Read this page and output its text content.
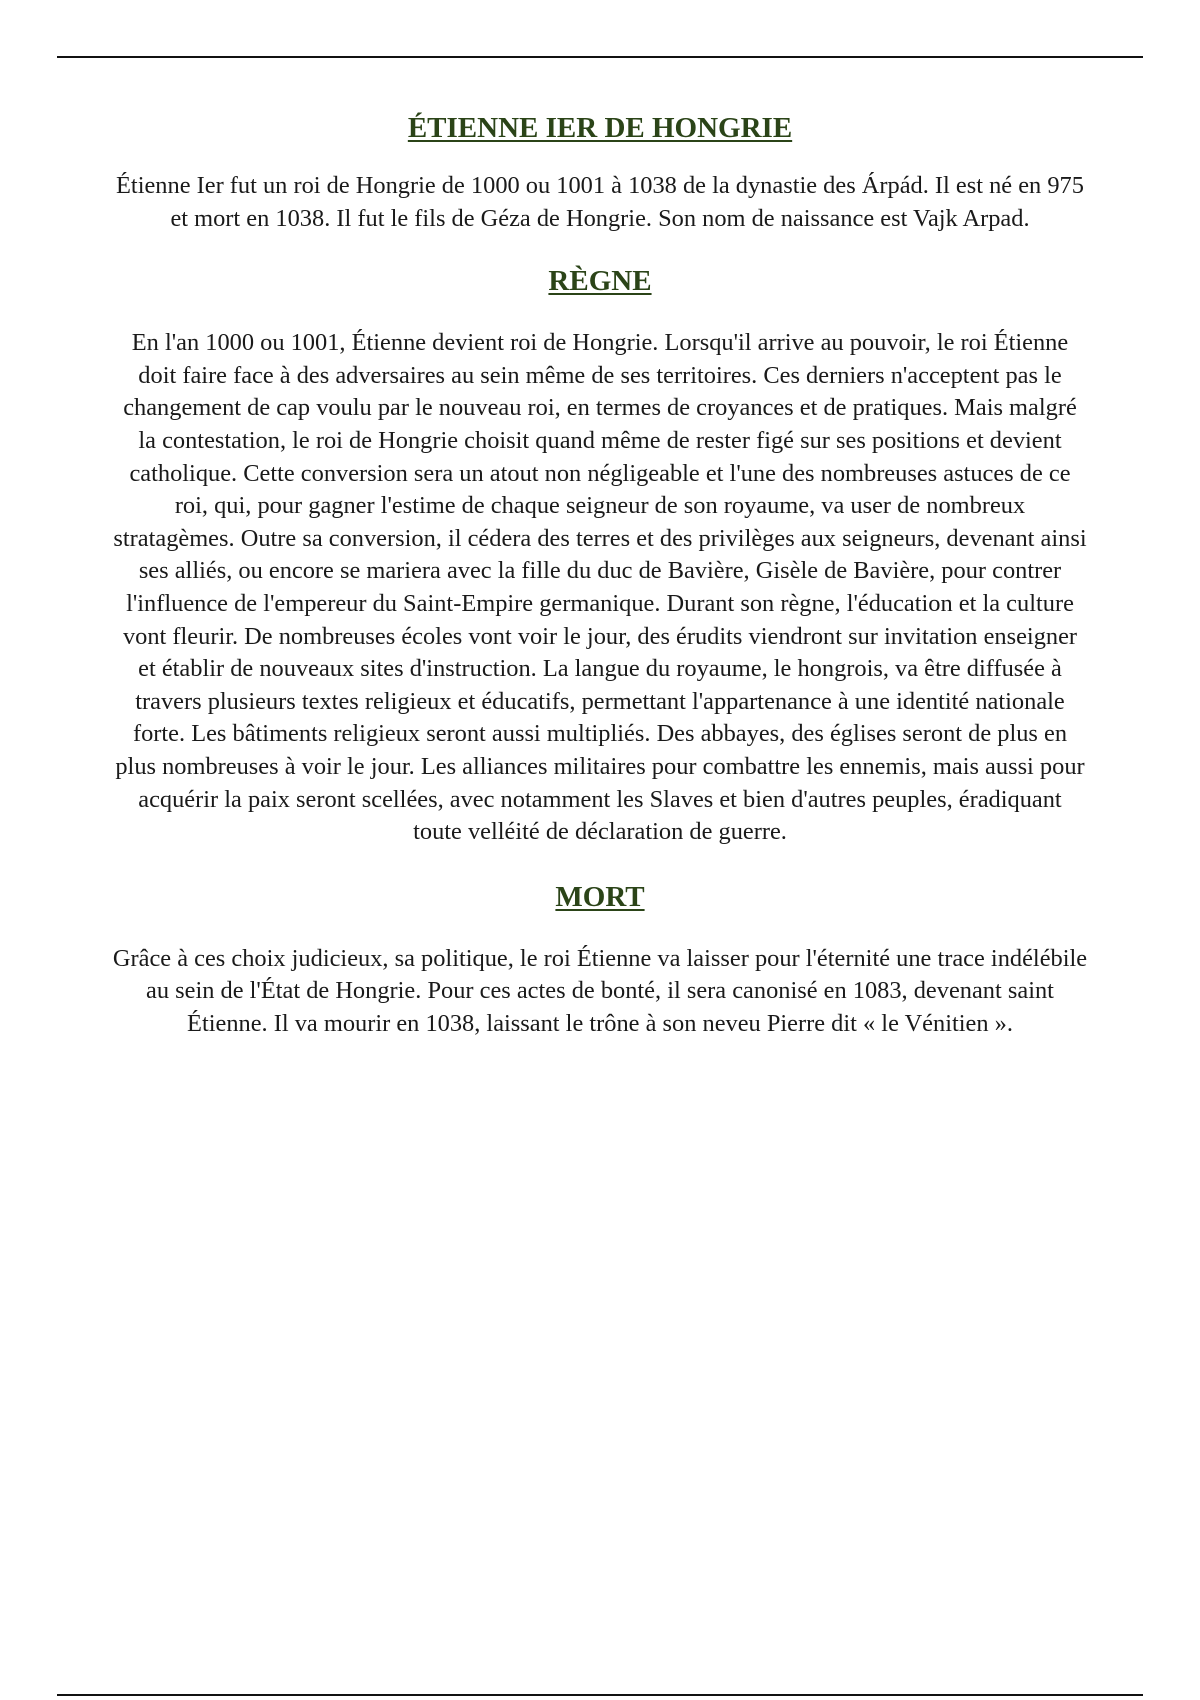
ÉTIENNE IER DE HONGRIE

Étienne Ier fut un roi de Hongrie de 1000 ou 1001 à 1038 de la dynastie des Árpád. Il est né en 975 et mort en 1038. Il fut le fils de Géza de Hongrie. Son nom de naissance est Vajk Arpad.

RÈGNE

En l'an 1000 ou 1001, Étienne devient roi de Hongrie. Lorsqu'il arrive au pouvoir, le roi Étienne doit faire face à des adversaires au sein même de ses territoires. Ces derniers n'acceptent pas le changement de cap voulu par le nouveau roi, en termes de croyances et de pratiques. Mais malgré la contestation, le roi de Hongrie choisit quand même de rester figé sur ses positions et devient catholique. Cette conversion sera un atout non négligeable et l'une des nombreuses astuces de ce roi, qui, pour gagner l'estime de chaque seigneur de son royaume, va user de nombreux stratagèmes. Outre sa conversion, il cédera des terres et des privilèges aux seigneurs, devenant ainsi ses alliés, ou encore se mariera avec la fille du duc de Bavière, Gisèle de Bavière, pour contrer l'influence de l'empereur du Saint-Empire germanique. Durant son règne, l'éducation et la culture vont fleurir. De nombreuses écoles vont voir le jour, des érudits viendront sur invitation enseigner et établir de nouveaux sites d'instruction. La langue du royaume, le hongrois, va être diffusée à travers plusieurs textes religieux et éducatifs, permettant l'appartenance à une identité nationale forte. Les bâtiments religieux seront aussi multipliés. Des abbayes, des églises seront de plus en plus nombreuses à voir le jour. Les alliances militaires pour combattre les ennemis, mais aussi pour acquérir la paix seront scellées, avec notamment les Slaves et bien d'autres peuples, éradiquant toute velléité de déclaration de guerre.

MORT

Grâce à ces choix judicieux, sa politique, le roi Étienne va laisser pour l'éternité une trace indélébile au sein de l'État de Hongrie. Pour ces actes de bonté, il sera canonisé en 1083, devenant saint Étienne. Il va mourir en 1038, laissant le trône à son neveu Pierre dit « le Vénitien ».
